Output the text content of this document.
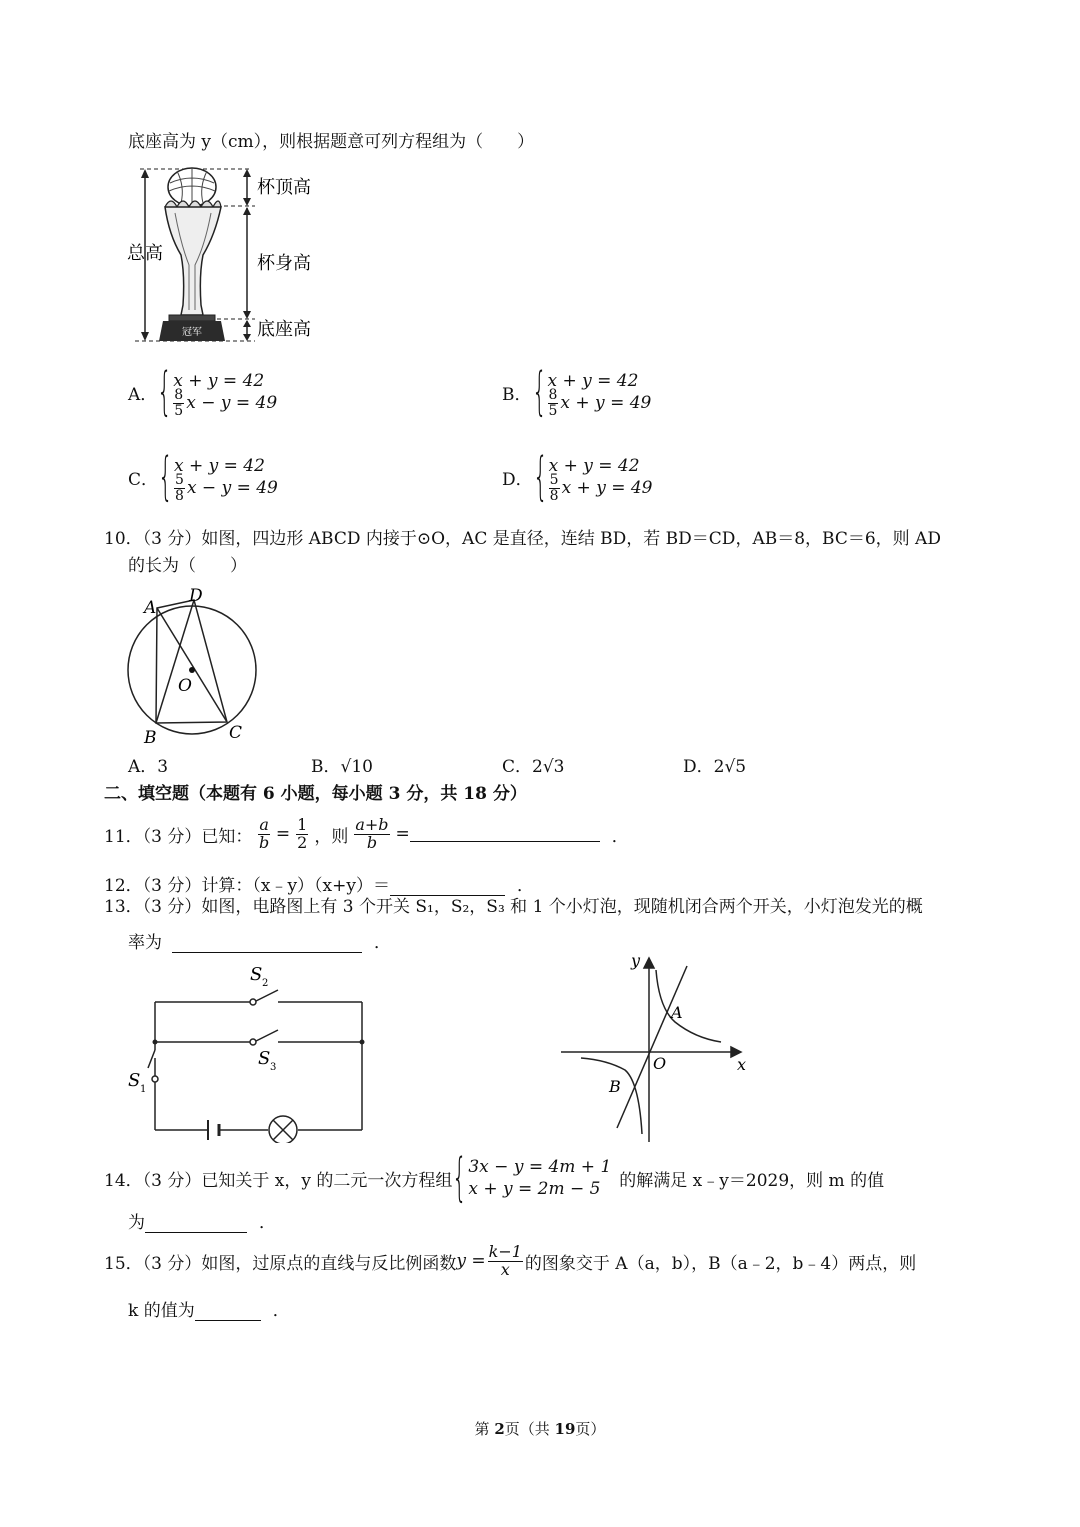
底座高为 y（cm），则根据题意可列方程组为（　　）
冠军
杯顶高
杯身高
底座高
总高
A． { x + y = 42
$\frac{8}{5}$ x − y = 49	B． { x + y = 42
$\frac{8}{5}$ x + y = 49
C． { x + y = 42
$\frac{5}{8}$ x − y = 49	D． { x + y = 42
$\frac{5}{8}$ x + y = 49
10．（3 分）如图，四边形 ABCD 内接于⊙O，AC 是直径，连结 BD，若 BD＝CD，AB＝8，BC＝6，则 AD
的长为（　　）
A
D
O
B	C
A．3	B．√10	C．2√3	D．2√5
二、填空题（本题有 6 小题，每小题 3 分，共 18 分）
11．（3 分）已知： $\frac{a}{b} = \frac{1}{2}$ ，则 $\frac{a+b}{b}$ =	．
12．（3 分）计算：（x﹣y）（x+y）＝	．
13．（3 分）如图，电路图上有 3 个开关 S₁，S₂，S₃ 和 1 个小灯泡，现随机闭合两个开关，小灯泡发光的概
率为	．
S 2
S 3
S 1
y
x
O
A
B
14．（3 分）已知关于 x，y 的二元一次方程组 { 3x − y = 4m + 1
x + y = 2m − 5	的解满足 x﹣y＝2029，则 m 的值
为	．
15．（3 分）如图，过原点的直线与反比例函数 $y = \frac{k-1}{x}$ 的图象交于 A（a，b），B（a﹣2，b﹣4）两点，则
k 的值为	．
第 2页（共 19页）
